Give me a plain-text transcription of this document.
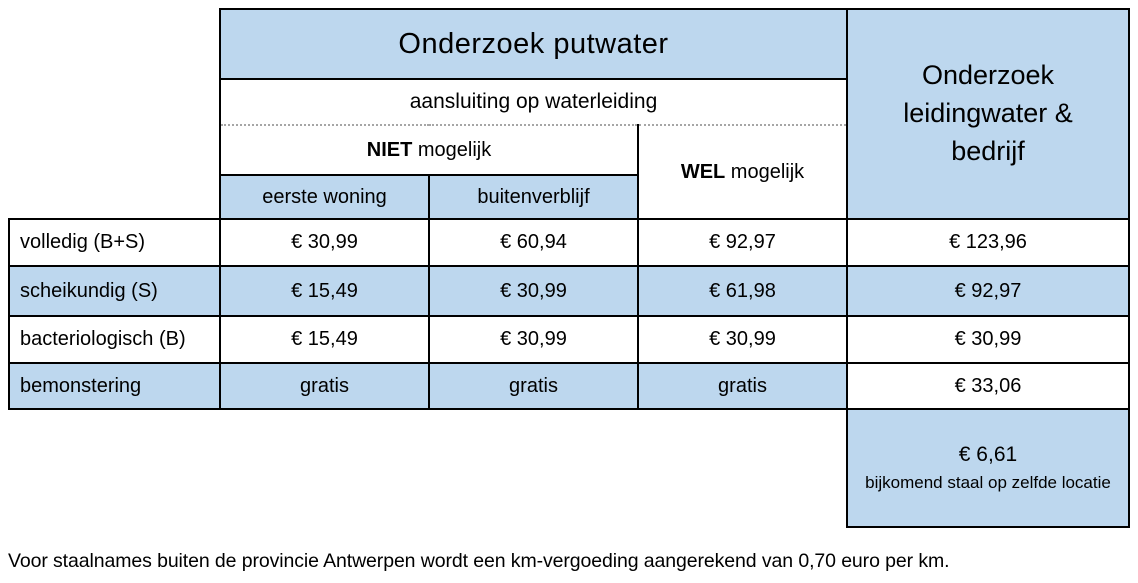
	Onderzoek putwater			Onderzoek leidingwater & bedrijf
	aansluiting op waterleiding			
	NIET mogelijk		WEL mogelijk	
	eerste woning	buitenverblijf		
volledig (B+S)	€ 30,99	€ 60,94	€ 92,97	€ 123,96
scheikundig (S)	€ 15,49	€ 30,99	€ 61,98	€ 92,97
bacteriologisch (B)	€ 15,49	€ 30,99	€ 30,99	€ 30,99
bemonstering	gratis	gratis	gratis	€ 33,06

				€ 6,61
bijkomend staal op zelfde locatie
Voor staalnames buiten de provincie Antwerpen wordt een km-vergoeding aangerekend van 0,70 euro per km.
